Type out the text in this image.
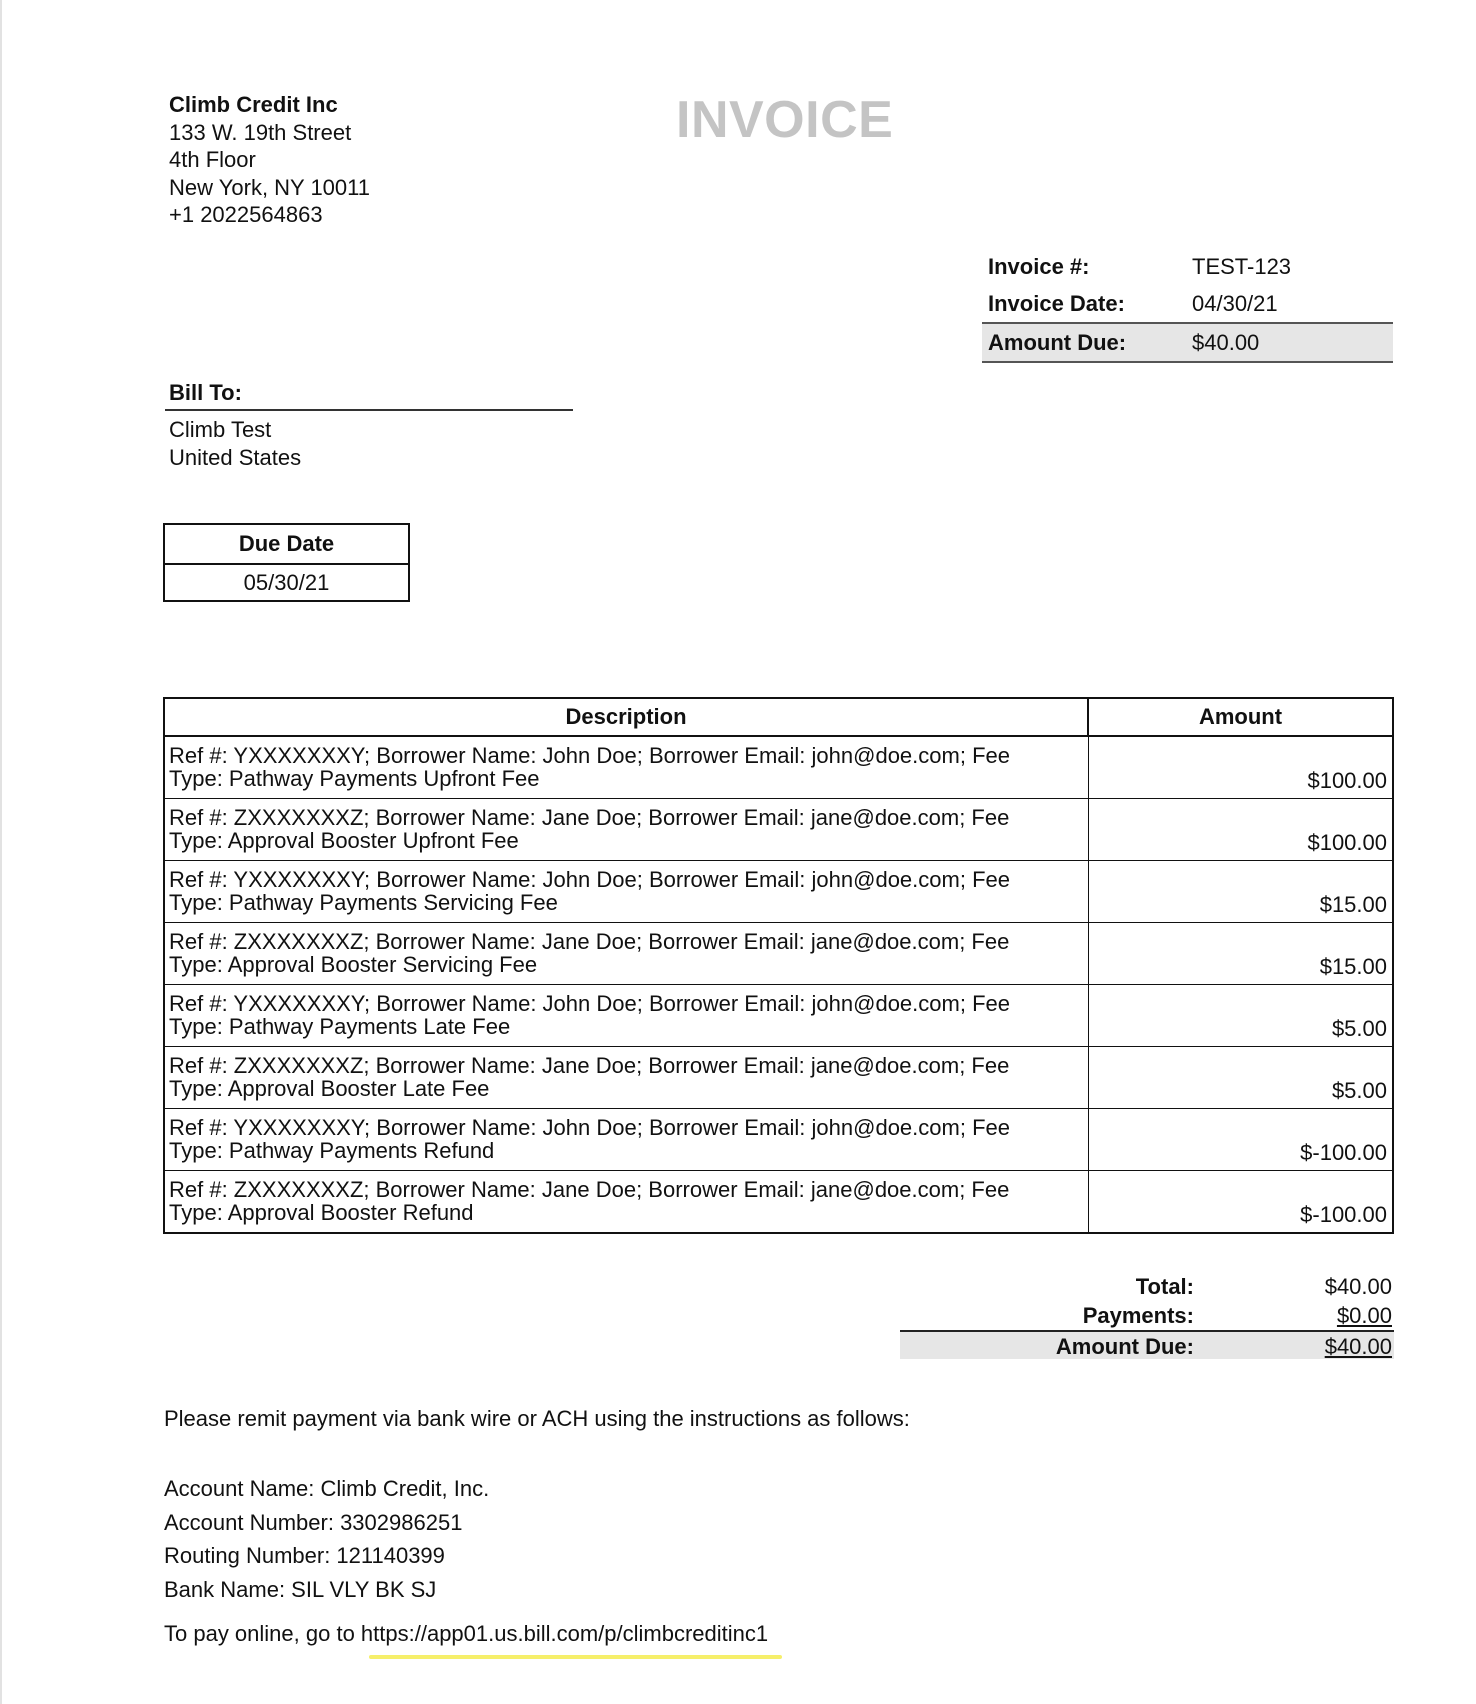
Climb Credit Inc
133 W. 19th Street
4th Floor
New York, NY 10011
+1 2022564863
INVOICE
Invoice #:	TEST-123
Invoice Date:	04/30/21
Amount Due:	$40.00
Bill To:
Climb Test
United States
Due Date
05/30/21
Description	Amount

Ref #: YXXXXXXXY; Borrower Name: John Doe; Borrower Email: john@doe.com; Fee
Type: Pathway Payments Upfront Fee	$100.00

Ref #: ZXXXXXXXZ; Borrower Name: Jane Doe; Borrower Email: jane@doe.com; Fee
Type: Approval Booster Upfront Fee	$100.00

Ref #: YXXXXXXXY; Borrower Name: John Doe; Borrower Email: john@doe.com; Fee
Type: Pathway Payments Servicing Fee	$15.00

Ref #: ZXXXXXXXZ; Borrower Name: Jane Doe; Borrower Email: jane@doe.com; Fee
Type: Approval Booster Servicing Fee	$15.00

Ref #: YXXXXXXXY; Borrower Name: John Doe; Borrower Email: john@doe.com; Fee
Type: Pathway Payments Late Fee	$5.00

Ref #: ZXXXXXXXZ; Borrower Name: Jane Doe; Borrower Email: jane@doe.com; Fee
Type: Approval Booster Late Fee	$5.00

Ref #: YXXXXXXXY; Borrower Name: John Doe; Borrower Email: john@doe.com; Fee
Type: Pathway Payments Refund	$-100.00

Ref #: ZXXXXXXXZ; Borrower Name: Jane Doe; Borrower Email: jane@doe.com; Fee
Type: Approval Booster Refund	$-100.00
Total:	$40.00
Payments:	$0.00
Amount Due:	$40.00
Please remit payment via bank wire or ACH using the instructions as follows:
Account Name: Climb Credit, Inc.
Account Number: 3302986251
Routing Number: 121140399
Bank Name: SIL VLY BK SJ
To pay online, go to https://app01.us.bill.com/p/climbcreditinc1
